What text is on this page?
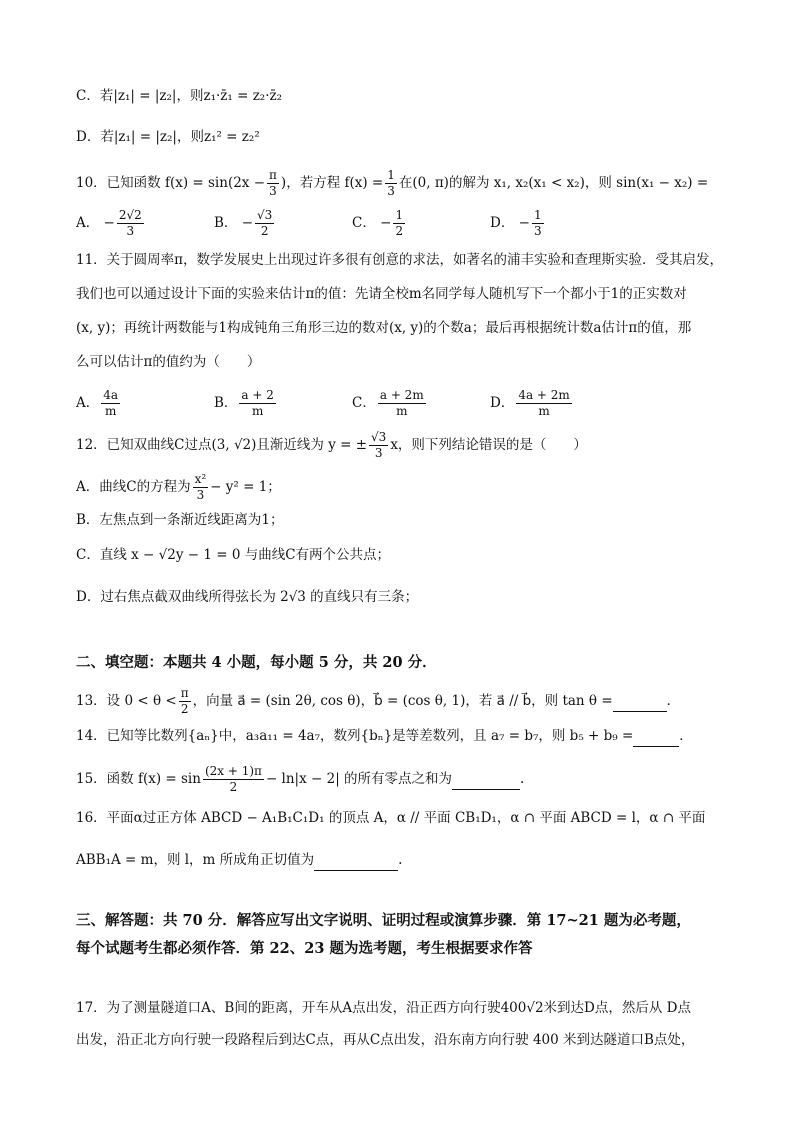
C．若|z₁| = |z₂|，则z₁·z̄₁ = z₂·z̄₂
D．若|z₁| = |z₂|，则z₁² = z₂²
10．已知函数 $f(x) = \sin(2x - \frac{\pi}{3}$ )，若方程 $f(x) = \frac{1}{3}$ 在(0, π)的解为 x₁, x₂(x₁ < x₂)，则 sin(x₁ − x₂) =
A． − $\frac{2√2}{3}$	B． − $\frac{√3}{2}$	C． − $\frac{1}{2}$	D． − $\frac{1}{3}$
11．关于圆周率π，数学发展史上出现过许多很有创意的求法，如著名的浦丰实验和查理斯实验．受其启发，
我们也可以通过设计下面的实验来估计π的值：先请全校m名同学每人随机写下一个都小于1的正实数对
(x, y)；再统计两数能与1构成钝角三角形三边的数对(x, y)的个数a；最后再根据统计数a估计π的值，那
么可以估计π的值约为（　　）
A． $\frac{4a}{m}$	B． $\frac{a + 2}{m}$	C． $\frac{a + 2m}{m}$	D． $\frac{4a + 2m}{m}$
12．已知双曲线C过点(3, √2)且渐近线为 y = ± $\frac{√3}{3}$ x，则下列结论错误的是（　　）
A．曲线C的方程为 $\frac{\text{x²}}{3} - y^2 = 1$；
B．左焦点到一条渐近线距离为1；
C．直线 x − √2y − 1 = 0 与曲线C有两个公共点；
D．过右焦点截双曲线所得弦长为 2√3 的直线只有三条；
二、填空题：本题共 4 小题，每小题 5 分，共 20 分．
13．设 $0 < \theta < \frac{\pi}{2}$ ，向量 a⃗ = (sin 2θ, cos θ)，b⃗ = (cos θ, 1)，若 a⃗ // b⃗，则 tan θ =	．
14．已知等比数列{aₙ}中，a₃a₁₁ = 4a₇，数列{bₙ}是等差数列，且 a₇ = b₇，则 b₅ + b₉ =	．
15．函数 $f(x) = \sin \frac{(2x + 1)\pi}{2} - \ln|x - 2|$ 的所有零点之和为	.
16．平面α过正方体 ABCD − A₁B₁C₁D₁ 的顶点 A，α // 平面 CB₁D₁，α ∩ 平面 ABCD = l，α ∩ 平面
ABB₁A = m，则 l，m 所成角正切值为	.
三、解答题：共 70 分．解答应写出文字说明、证明过程或演算步骤．第 17~21 题为必考题，
每个试题考生都必须作答．第 22、23 题为选考题，考生根据要求作答
17．为了测量隧道口A、B间的距离，开车从A点出发，沿正西方向行驶400√2米到达D点，然后从 D点
出发，沿正北方向行驶一段路程后到达C点，再从C点出发，沿东南方向行驶 400 米到达隧道口B点处，
